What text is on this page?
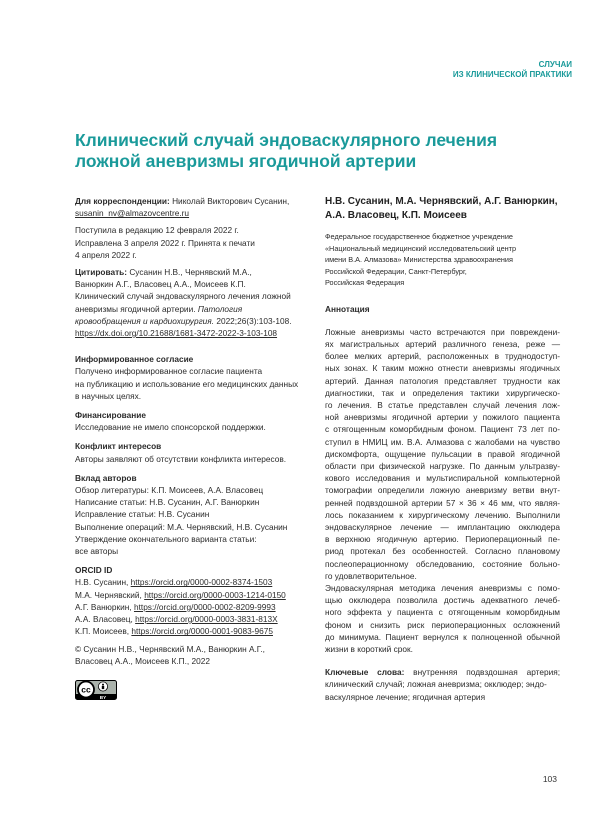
СЛУЧАИ
ИЗ КЛИНИЧЕСКОЙ ПРАКТИКИ
Клинический случай эндоваскулярного лечения
ложной аневризмы ягодичной артерии
Для корреспонденции: Николай Викторович Сусанин,
susanin_nv@almazovcentre.ru
Поступила в редакцию 12 февраля 2022 г.
Исправлена 3 апреля 2022 г. Принята к печати
4 апреля 2022 г.
Цитировать: Сусанин Н.В., Чернявский М.А.,
Ванюркин А.Г., Власовец А.А., Моисеев К.П.
Клинический случай эндоваскулярного лечения ложной
аневризмы ягодичной артерии. Патология
кровообращения и кардиохирургия. 2022;26(3):103-108.
https://dx.doi.org/10.21688/1681-3472-2022-3-103-108
Информированное согласие
Получено информированное согласие пациента
на публикацию и использование его медицинских данных
в научных целях.
Финансирование
Исследование не имело спонсорской поддержки.
Конфликт интересов
Авторы заявляют об отсутствии конфликта интересов.
Вклад авторов
Обзор литературы: К.П. Моисеев, А.А. Власовец
Написание статьи: Н.В. Сусанин, А.Г. Ванюркин
Исправление статьи: Н.В. Сусанин
Выполнение операций: М.А. Чернявский, Н.В. Сусанин
Утверждение окончательного варианта статьи:
все авторы
ORCID ID
Н.В. Сусанин, https://orcid.org/0000-0002-8374-1503
М.А. Чернявский, https://orcid.org/0000-0003-1214-0150
А.Г. Ванюркин, https://orcid.org/0000-0002-8209-9993
А.А. Власовец, https://orcid.org/0000-0003-3831-813X
К.П. Моисеев, https://orcid.org/0000-0001-9083-9675
© Сусанин Н.В., Чернявский М.А., Ванюркин А.Г.,
Власовец А.А., Моисеев К.П., 2022
cc
BY
Н.В. Сусанин, М.А. Чернявский, А.Г. Ванюркин,
А.А. Власовец, К.П. Моисеев
Федеральное государственное бюджетное учреждение
«Национальный медицинский исследовательский центр
имени В.А. Алмазова» Министерства здравоохранения
Российской Федерации, Санкт-Петербург,
Российская Федерация
Аннотация
Ложные аневризмы часто встречаются при повреждени-
ях магистральных артерий различного генеза, реже —
более мелких артерий, расположенных в труднодоступ-
ных зонах. К таким можно отнести аневризмы ягодичных
артерий. Данная патология представляет трудности как
диагностики, так и определения тактики хирургическо-
го лечения. В статье представлен случай лечения лож-
ной аневризмы ягодичной артерии у пожилого пациента
с отягощенным коморбидным фоном. Пациент 73 лет по-
ступил в НМИЦ им. В.А. Алмазова с жалобами на чувство
дискомфорта, ощущение пульсации в правой ягодичной
области при физической нагрузке. По данным ультразву-
кового исследования и мультиспиральной компьютерной
томографии определили ложную аневризму ветви внут-
ренней подвздошной артерии 57 × 36 × 46 мм, что являя-
лось показанием к хирургическому лечению. Выполнили
эндоваскулярное лечение — имплантацию окклюдера
в верхнюю ягодичную артерию. Периоперационный пе-
риод протекал без особенностей. Согласно плановому
послеоперационному обследованию, состояние больно-
го удовлетворительное.
Эндоваскулярная методика лечения аневризмы с помо-
щью окклюдера позволила достичь адекватного лечеб-
ного эффекта у пациента с отягощенным коморбидным
фоном и снизить риск периоперационных осложнений
до минимума. Пациент вернулся к полноценной обычной
жизни в короткий срок.
Ключевые слова: внутренняя подвздошная артерия;
клинический случай; ложная аневризма; окклюдер; эндо-
васкулярное лечение; ягодичная артерия
103
